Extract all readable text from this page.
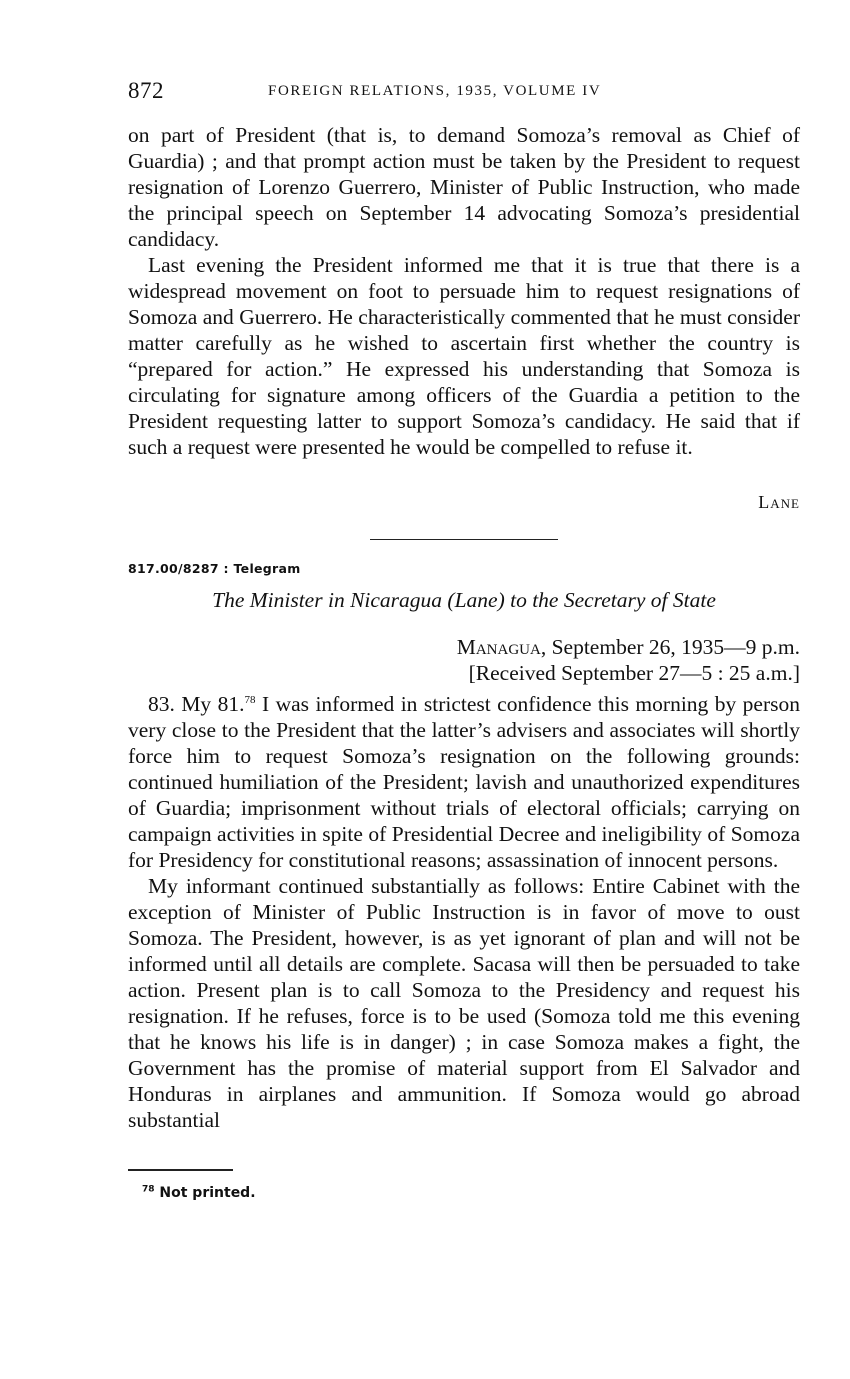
872	FOREIGN RELATIONS, 1935, VOLUME IV

on part of President (that is, to demand Somoza’s removal as Chief of Guardia) ; and that prompt action must be taken by the President to request resignation of Lorenzo Guerrero, Minister of Public Instruction, who made the principal speech on September 14 advocating Somoza’s presidential candidacy.

Last evening the President informed me that it is true that there is a widespread movement on foot to persuade him to request resignations of Somoza and Guerrero. He characteristically commented that he must consider matter carefully as he wished to ascertain first whether the country is “prepared for action.” He expressed his understanding that Somoza is circulating for signature among officers of the Guardia a petition to the President requesting latter to support Somoza’s candidacy. He said that if such a request were presented he would be compelled to refuse it.

Lane
817.00/8287 : Telegram
The Minister in Nicaragua (Lane) to the Secretary of State
Managua, September 26, 1935—9 p.m.
[Received September 27—5 : 25 a.m.]

83. My 81.78 I was informed in strictest confidence this morning by person very close to the President that the latter’s advisers and associates will shortly force him to request Somoza’s resignation on the following grounds: continued humiliation of the President; lavish and unauthorized expenditures of Guardia; imprisonment without trials of electoral officials; carrying on campaign activities in spite of Presidential Decree and ineligibility of Somoza for Presidency for constitutional reasons; assassination of innocent persons.

My informant continued substantially as follows: Entire Cabinet with the exception of Minister of Public Instruction is in favor of move to oust Somoza. The President, however, is as yet ignorant of plan and will not be informed until all details are complete. Sacasa will then be persuaded to take action. Present plan is to call Somoza to the Presidency and request his resignation. If he refuses, force is to be used (Somoza told me this evening that he knows his life is in danger) ; in case Somoza makes a fight, the Government has the promise of material support from El Salvador and Honduras in airplanes and ammunition. If Somoza would go abroad substantial

$^{78}$ Not printed.
